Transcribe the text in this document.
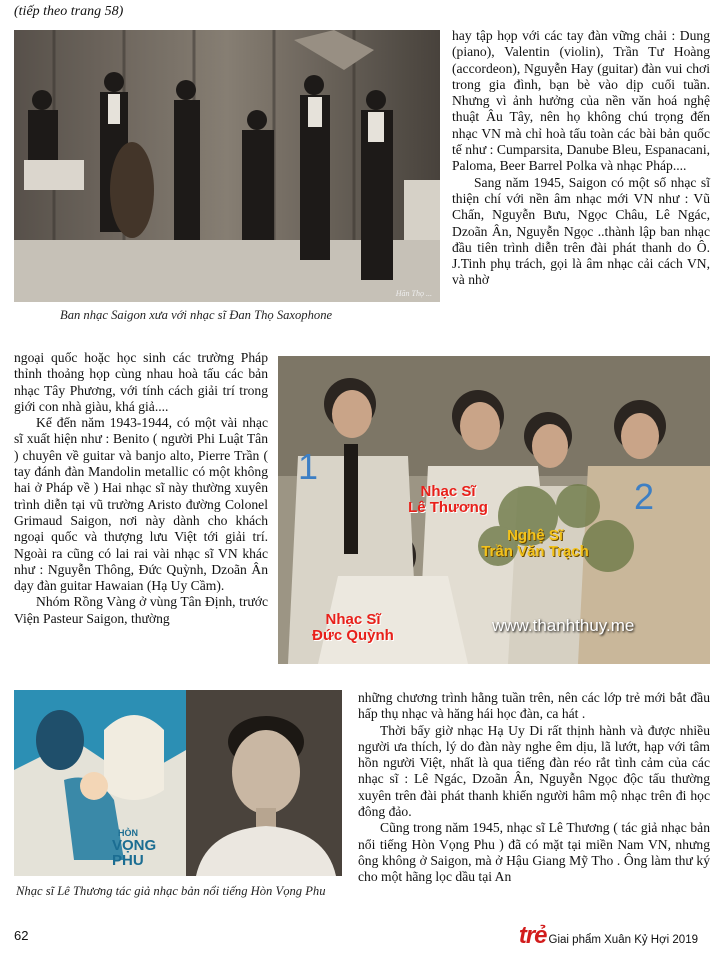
(tiếp theo trang 58)
Hãn Thọ ...
Ban nhạc Saigon xưa với nhạc sĩ Đan Thọ Saxophone

hay tập họp với các tay đàn vững chải : Dung (piano), Valentin (violin), Trần Tư Hoàng (accordeon), Nguyễn Hay (guitar) đàn vui chơi trong gia đình, bạn bè vào dịp cuối tuần. Nhưng vì ảnh hưởng của nền văn hoá nghệ thuật Âu Tây, nên họ không chú trọng đến nhạc VN mà chỉ hoà tấu toàn các bài bản quốc tế như : Cumparsita, Danube Bleu, Espanacani, Paloma, Beer Barrel Polka và nhạc Pháp....

Sang năm 1945, Saigon có một số nhạc sĩ thiện chí với nền âm nhạc mới VN như : Vũ Chấn, Nguyễn Bưu, Ngọc Châu, Lê Ngác, Dzoãn Ân, Nguyễn Ngọc ..thành lập ban nhạc đầu tiên trình diễn trên đài phát thanh do Ô. J.Tinh phụ trách, gọi là âm nhạc cải cách VN, và nhờ

ngoại quốc hoặc học sinh các trường Pháp thỉnh thoảng họp cùng nhau hoà tấu các bản nhạc Tây Phương, với tính cách giải trí trong giới con nhà giàu, khá giả....

Kể đến năm 1943-1944, có một vài nhạc sĩ xuất hiện như : Benito ( người Phi Luật Tân ) chuyên về guitar và banjo alto, Pierre Trần ( tay đánh đàn Mandolin metallic có một không hai ở Pháp về ) Hai nhạc sĩ này thường xuyên trình diễn tại vũ trường Aristo đường Colonel Grimaud Saigon, nơi này dành cho khách ngoại quốc và thượng lưu Việt tới giải trí. Ngoài ra cũng có lai rai vài nhạc sĩ VN khác như : Nguyễn Thông, Đức Quỳnh, Dzoãn Ân dạy đàn guitar Hawaian (Hạ Uy Cầm).

Nhóm Rồng Vàng ở vùng Tân Định, trước Viện Pasteur Saigon, thường

1
2
Nhạc Sĩ
Lê Thương
Nghệ Sĩ
Trần Văn Trạch
Nhạc Sĩ
Đức Quỳnh
www.thanhthuy.me
HÒN
VỌNG PHU
Nhạc sĩ Lê Thương tác giả nhạc bản nổi tiếng Hòn Vọng Phu

những chương trình hằng tuần trên, nên các lớp trẻ mới bắt đầu hấp thụ nhạc và hăng hái học đàn, ca hát .

Thời bấy giờ nhạc Hạ Uy Di rất thịnh hành và được nhiều người ưa thích, lý do đàn này nghe êm dịu, lã lướt, hạp với tâm hồn người Việt, nhất là qua tiếng đàn réo rắt tình cảm của các nhạc sĩ : Lê Ngác, Dzoãn Ân, Nguyễn Ngọc độc tấu thường xuyên trên đài phát thanh khiến người hâm mộ nhạc trên đi học đông đảo.

Cũng trong năm 1945, nhạc sĩ Lê Thương ( tác giả nhạc bản nổi tiếng Hòn Vọng Phu ) đã có mặt tại miền Nam VN, nhưng ông không ở Saigon, mà ở Hậu Giang Mỹ Tho . Ông làm thư ký cho một hãng lọc dầu tại An

62	trẻ Giai phẩm Xuân Kỷ Hợi 2019
